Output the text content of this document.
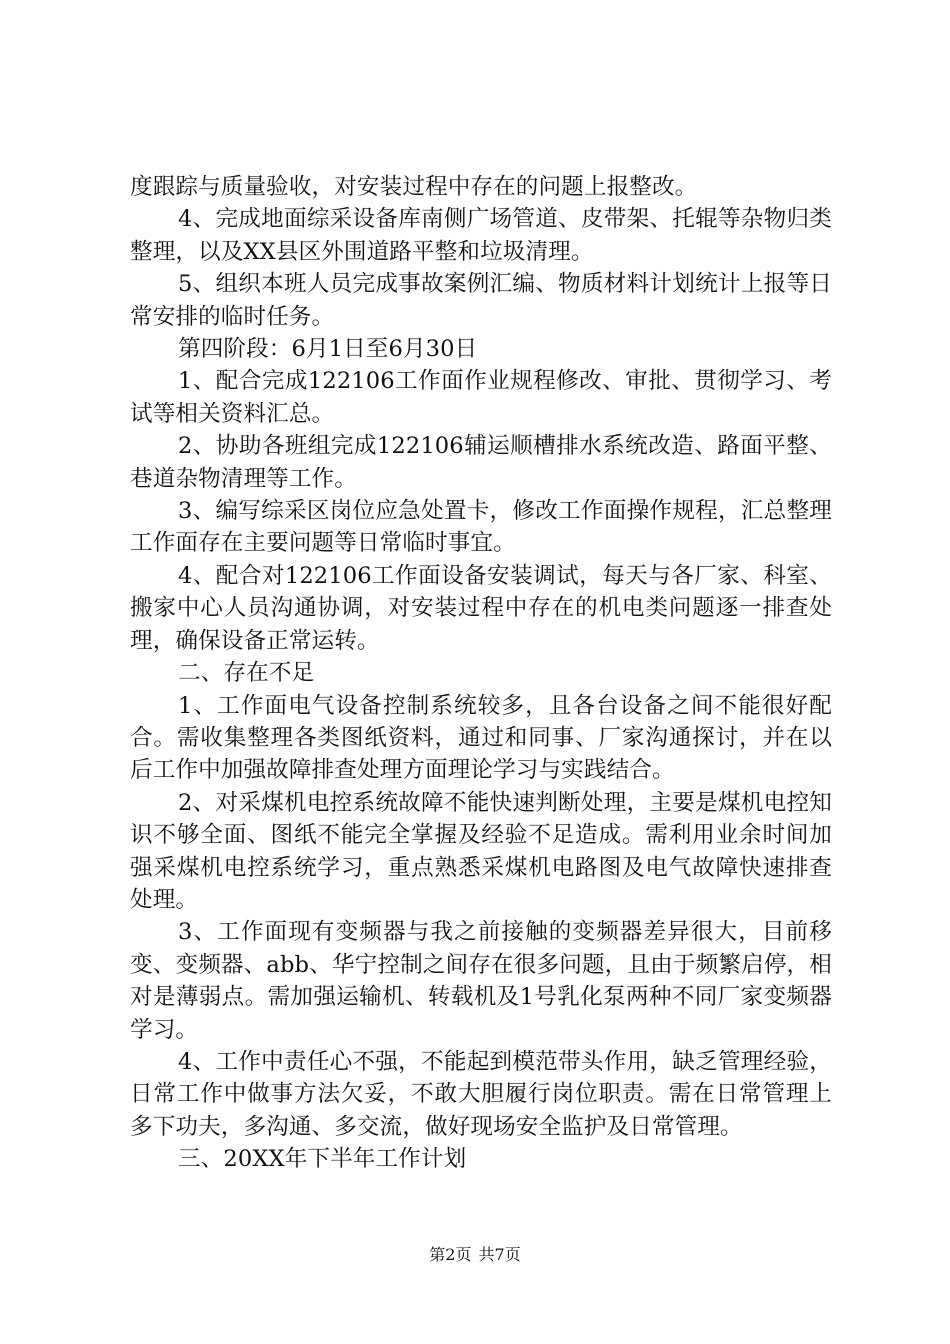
度跟踪与质量验收，对安装过程中存在的问题上报整改。

4、完成地面综采设备库南侧广场管道、皮带架、托辊等杂物归类整理，以及XX县区外围道路平整和垃圾清理。

5、组织本班人员完成事故案例汇编、物质材料计划统计上报等日常安排的临时任务。

第四阶段：6月1日至6月30日

1、配合完成122106工作面作业规程修改、审批、贯彻学习、考试等相关资料汇总。

2、协助各班组完成122106辅运顺槽排水系统改造、路面平整、巷道杂物清理等工作。

3、编写综采区岗位应急处置卡，修改工作面操作规程，汇总整理工作面存在主要问题等日常临时事宜。

4、配合对122106工作面设备安装调试，每天与各厂家、科室、搬家中心人员沟通协调，对安装过程中存在的机电类问题逐一排查处理，确保设备正常运转。

二、存在不足

1、工作面电气设备控制系统较多，且各台设备之间不能很好配合。需收集整理各类图纸资料，通过和同事、厂家沟通探讨，并在以后工作中加强故障排查处理方面理论学习与实践结合。

2、对采煤机电控系统故障不能快速判断处理，主要是煤机电控知识不够全面、图纸不能完全掌握及经验不足造成。需利用业余时间加强采煤机电控系统学习，重点熟悉采煤机电路图及电气故障快速排查处理。

3、工作面现有变频器与我之前接触的变频器差异很大，目前移变、变频器、abb、华宁控制之间存在很多问题，且由于频繁启停，相对是薄弱点。需加强运输机、转载机及1号乳化泵两种不同厂家变频器学习。

4、工作中责任心不强，不能起到模范带头作用，缺乏管理经验，日常工作中做事方法欠妥，不敢大胆履行岗位职责。需在日常管理上多下功夫，多沟通、多交流，做好现场安全监护及日常管理。

三、20XX年下半年工作计划

第2页 共7页
